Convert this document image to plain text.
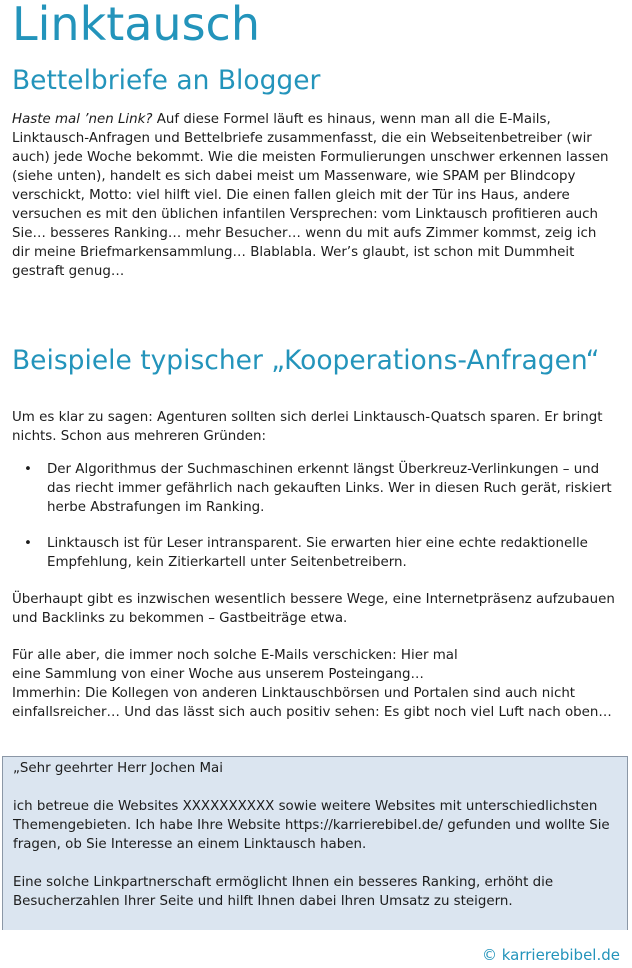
Linktausch
Bettelbriefe an Blogger

Haste mal ’nen Link? Auf diese Formel läuft es hinaus, wenn man all die E-Mails, Linktausch-Anfragen und Bettelbriefe zusammenfasst, die ein Webseitenbetreiber (wir auch) jede Woche bekommt. Wie die meisten Formulierungen unschwer erkennen lassen (siehe unten), handelt es sich dabei meist um Massenware, wie SPAM per Blindcopy verschickt, Motto: viel hilft viel. Die einen fallen gleich mit der Tür ins Haus, andere versuchen es mit den üblichen infantilen Versprechen: vom Linktausch profitieren auch Sie… besseres Ranking… mehr Besucher… wenn du mit aufs Zimmer kommst, zeig ich dir meine Briefmarkensammlung… Blablabla. Wer’s glaubt, ist schon mit Dummheit gestraft genug…

Beispiele typischer „Kooperations-Anfragen“

Um es klar zu sagen: Agenturen sollten sich derlei Linktausch-Quatsch sparen. Er bringt nichts. Schon aus mehreren Gründen:

• Der Algorithmus der Suchmaschinen erkennt längst Überkreuz-Verlinkungen – und das riecht immer gefährlich nach gekauften Links. Wer in diesen Ruch gerät, riskiert herbe Abstrafungen im Ranking.
• Linktausch ist für Leser intransparent. Sie erwarten hier eine echte redaktionelle Empfehlung, kein Zitierkartell unter Seitenbetreibern.

Überhaupt gibt es inzwischen wesentlich bessere Wege, eine Internetpräsenz aufzubauen und Backlinks zu bekommen – Gastbeiträge etwa.

Für alle aber, die immer noch solche E-Mails verschicken: Hier mal

eine Sammlung von einer Woche aus unserem Posteingang…

Immerhin: Die Kollegen von anderen Linktauschbörsen und Portalen sind auch nicht einfallsreicher… Und das lässt sich auch positiv sehen: Es gibt noch viel Luft nach oben…

„Sehr geehrter Herr Jochen Mai

ich betreue die Websites XXXXXXXXXX sowie weitere Websites mit unterschiedlichsten Themengebieten. Ich habe Ihre Website https://karrierebibel.de/ gefunden und wollte Sie fragen, ob Sie Interesse an einem Linktausch haben.

Eine solche Linkpartnerschaft ermöglicht Ihnen ein besseres Ranking, erhöht die Besucherzahlen Ihrer Seite und hilft Ihnen dabei Ihren Umsatz zu steigern.

© karrierebibel.de
